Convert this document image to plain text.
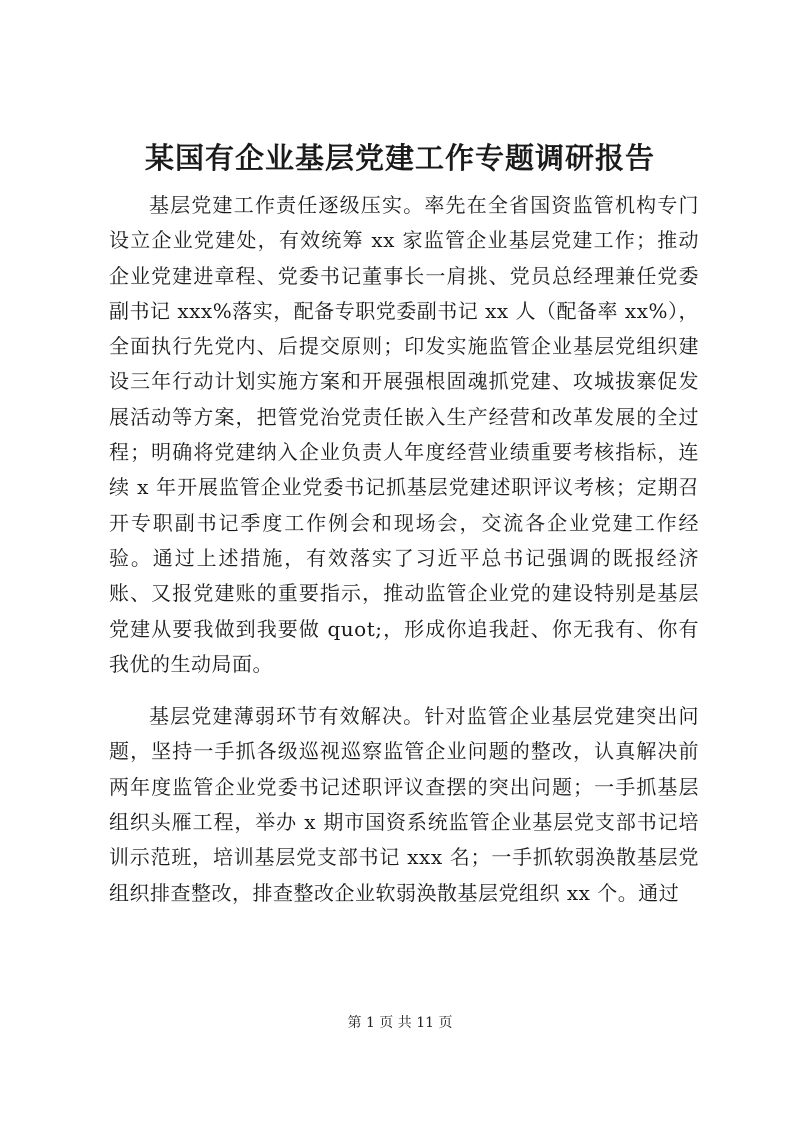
某国有企业基层党建工作专题调研报告

基层党建工作责任逐级压实。率先在全省国资监管机构专门设立企业党建处，有效统筹 xx 家监管企业基层党建工作；推动企业党建进章程、党委书记董事长一肩挑、党员总经理兼任党委副书记 xxx%落实，配备专职党委副书记 xx 人（配备率 xx%），全面执行先党内、后提交原则；印发实施监管企业基层党组织建设三年行动计划实施方案和开展强根固魂抓党建、攻城拔寨促发展活动等方案，把管党治党责任嵌入生产经营和改革发展的全过程；明确将党建纳入企业负责人年度经营业绩重要考核指标，连续 x 年开展监管企业党委书记抓基层党建述职评议考核；定期召开专职副书记季度工作例会和现场会，交流各企业党建工作经验。通过上述措施，有效落实了习近平总书记强调的既报经济账、又报党建账的重要指示，推动监管企业党的建设特别是基层党建从要我做到我要做 quot;，形成你追我赶、你无我有、你有我优的生动局面。

基层党建薄弱环节有效解决。针对监管企业基层党建突出问题，坚持一手抓各级巡视巡察监管企业问题的整改，认真解决前两年度监管企业党委书记述职评议查摆的突出问题；一手抓基层组织头雁工程，举办 x 期市国资系统监管企业基层党支部书记培训示范班，培训基层党支部书记 xxx 名；一手抓软弱涣散基层党组织排查整改，排查整改企业软弱涣散基层党组织 xx 个。通过

第 1 页 共 11 页
